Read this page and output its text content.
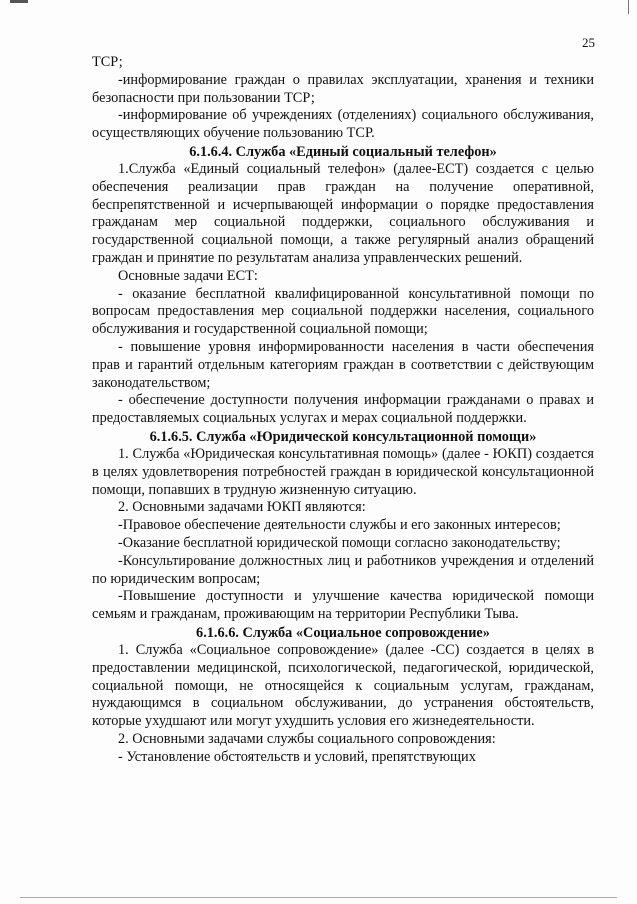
25

ТСР;

-информирование граждан о правилах эксплуатации, хранения и техники безопасности при пользовании ТСР;

-информирование об учреждениях (отделениях) социального обслуживания, осуществляющих обучение пользованию ТСР.

6.1.6.4. Служба «Единый социальный телефон»

1.Служба «Единый социальный телефон» (далее-ЕСТ) создается с целью обеспечения реализации прав граждан на получение оперативной, беспрепятственной и исчерпывающей информации о порядке предоставления гражданам мер социальной поддержки, социального обслуживания и государственной социальной помощи, а также регулярный анализ обращений граждан и принятие по результатам анализа управленческих решений.

Основные задачи ЕСТ:

- оказание бесплатной квалифицированной консультативной помощи по вопросам предоставления мер социальной поддержки населения, социального обслуживания и государственной социальной помощи;

- повышение уровня информированности населения в части обеспечения прав и гарантий отдельным категориям граждан в соответствии с действующим законодательством;

- обеспечение доступности получения информации гражданами о правах и предоставляемых социальных услугах и мерах социальной поддержки.

6.1.6.5. Служба «Юридической консультационной помощи»

1. Служба «Юридическая консультативная помощь» (далее - ЮКП) создается в целях удовлетворения потребностей граждан в юридической консультационной помощи, попавших в трудную жизненную ситуацию.

2. Основными задачами ЮКП являются:

-Правовое обеспечение деятельности службы и его законных интересов;

-Оказание бесплатной юридической помощи согласно законодательству;

-Консультирование должностных лиц и работников учреждения и отделений по юридическим вопросам;

-Повышение доступности и улучшение качества юридической помощи семьям и гражданам, проживающим на территории Республики Тыва.

6.1.6.6. Служба «Социальное сопровождение»

1. Служба «Социальное сопровождение» (далее -СС) создается в целях в предоставлении медицинской, психологической, педагогической, юридической, социальной помощи, не относящейся к социальным услугам, гражданам, нуждающимся в социальном обслуживании, до устранения обстоятельств, которые ухудшают или могут ухудшить условия его жизнедеятельности.

2. Основными задачами службы социального сопровождения:

- Установление обстоятельств и условий, препятствующих
